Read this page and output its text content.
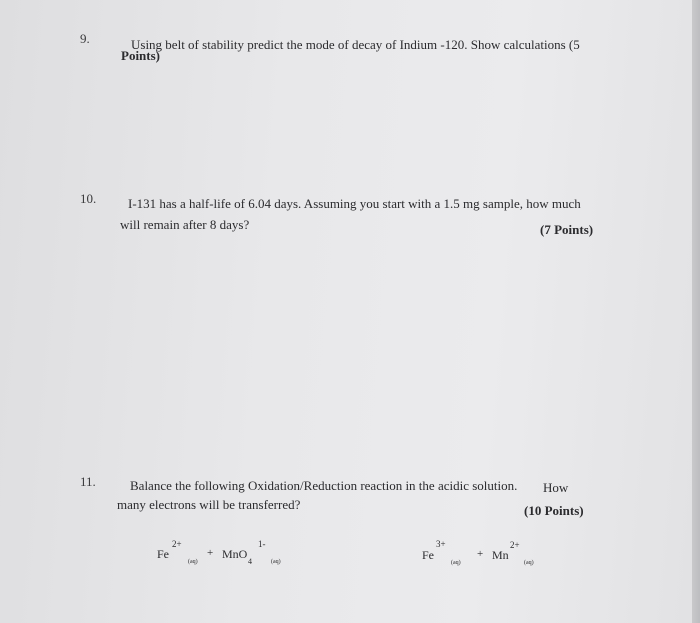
9.	Using belt of stability predict the mode of decay of Indium -120. Show calculations (5
Points)
10. I-131 has a half-life of 6.04 days. Assuming you start with a 1.5 mg sample, how much
will remain after 8 days?	(7 Points)
11.	Balance the following Oxidation/Reduction reaction in the acidic solution. How
many electrons will be transferred?	(10 Points)
Fe
2+
(aq)
+ MnO
4
1-
(aq)	Fe
3+
(aq)
+ Mn
2+
(aq)
